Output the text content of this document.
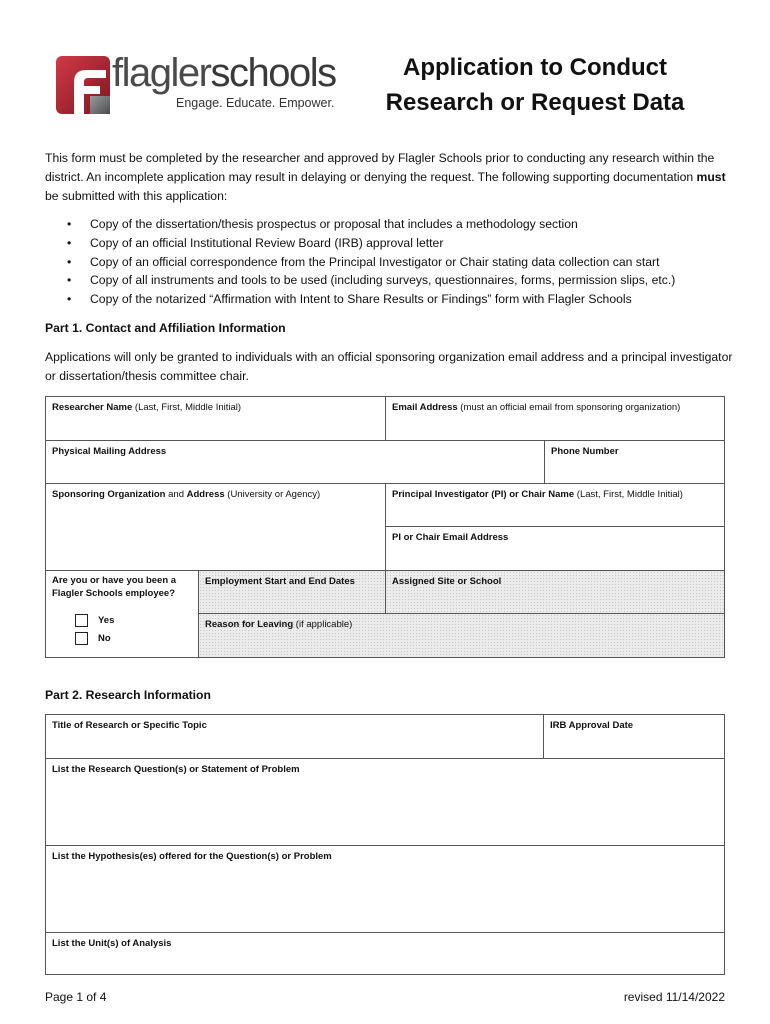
flaglerschools
Engage. Educate. Empower.
Application to Conduct
Research or Request Data
This form must be completed by the researcher and approved by Flagler Schools prior to conducting any research within the district. An incomplete application may result in delaying or denying the request. The following supporting documentation must be submitted with this application:
• Copy of the dissertation/thesis prospectus or proposal that includes a methodology section
• Copy of an official Institutional Review Board (IRB) approval letter
• Copy of an official correspondence from the Principal Investigator or Chair stating data collection can start
• Copy of all instruments and tools to be used (including surveys, questionnaires, forms, permission slips, etc.)
• Copy of the notarized “Affirmation with Intent to Share Results or Findings” form with Flagler Schools
Part 1. Contact and Affiliation Information
Applications will only be granted to individuals with an official sponsoring organization email address and a principal investigator or dissertation/thesis committee chair.
Researcher Name (Last, First, Middle Initial)	Email Address (must an official email from sponsoring organization)
Physical Mailing Address	Phone Number
Sponsoring Organization and Address (University or Agency)	Principal Investigator (PI) or Chair Name (Last, First, Middle Initial)
PI or Chair Email Address
Are you or have you been a Flagler Schools employee?
Yes
No
Employment Start and End Dates	Assigned Site or School
Reason for Leaving (if applicable)
Part 2. Research Information
Title of Research or Specific Topic	IRB Approval Date
List the Research Question(s) or Statement of Problem
List the Hypothesis(es) offered for the Question(s) or Problem
List the Unit(s) of Analysis
Page 1 of 4	revised 11/14/2022
